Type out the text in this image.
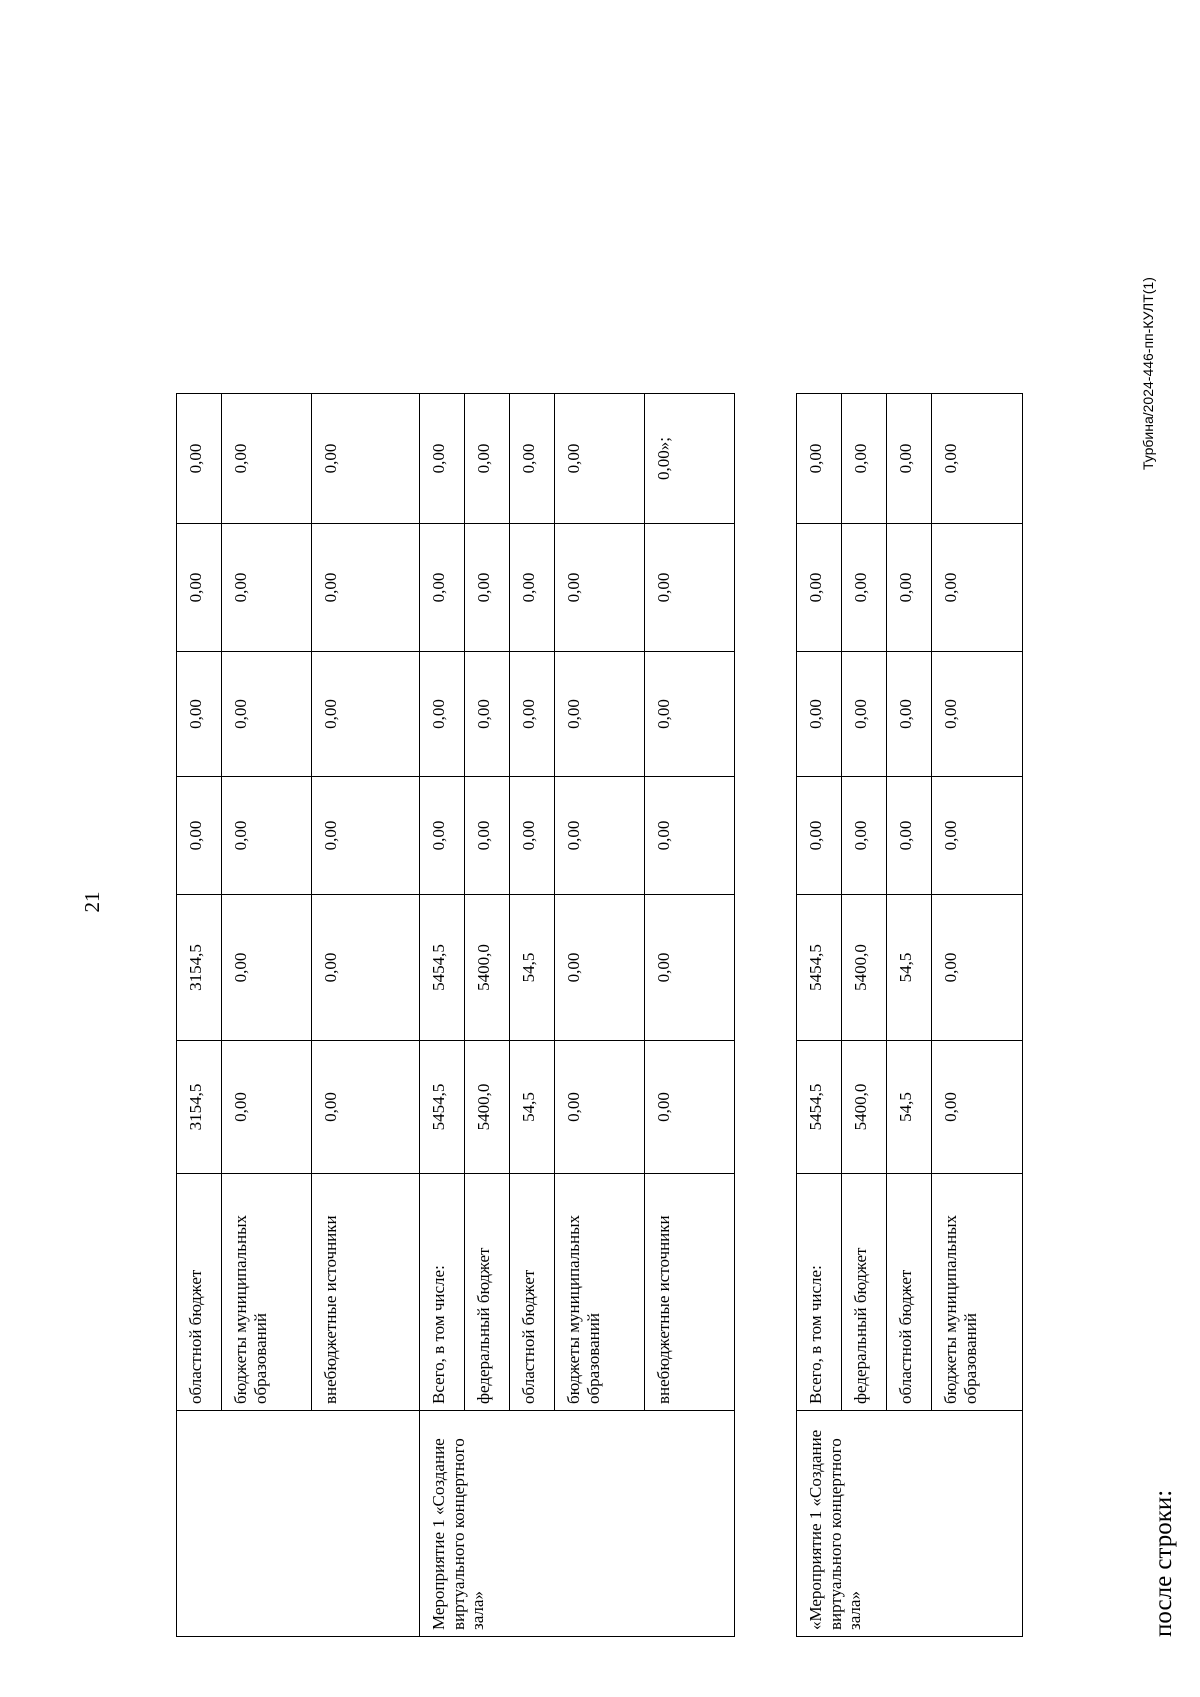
21
	областной бюджет	3154,5	3154,5	0,00	0,00	0,00	0,00
	бюджеты муниципальных образований	0,00	0,00	0,00	0,00	0,00	0,00
	внебюджетные источники	0,00	0,00	0,00	0,00	0,00	0,00
Мероприятие 1 «Создание виртуального концертного зала»	Всего, в том числе:	5454,5	5454,5	0,00	0,00	0,00	0,00
	федеральный бюджет	5400,0	5400,0	0,00	0,00	0,00	0,00
	областной бюджет	54,5	54,5	0,00	0,00	0,00	0,00
	бюджеты муниципальных образований	0,00	0,00	0,00	0,00	0,00	0,00
	внебюджетные источники	0,00	0,00	0,00	0,00	0,00	0,00»;
после строки:
«Мероприятие 1 «Создание виртуального концертного зала»	Всего, в том числе:	5454,5	5454,5	0,00	0,00	0,00	0,00
	федеральный бюджет	5400,0	5400,0	0,00	0,00	0,00	0,00
	областной бюджет	54,5	54,5	0,00	0,00	0,00	0,00
	бюджеты муниципальных образований	0,00	0,00	0,00	0,00	0,00	0,00	Турбина/2024-446-пп-КУЛТ(1)
